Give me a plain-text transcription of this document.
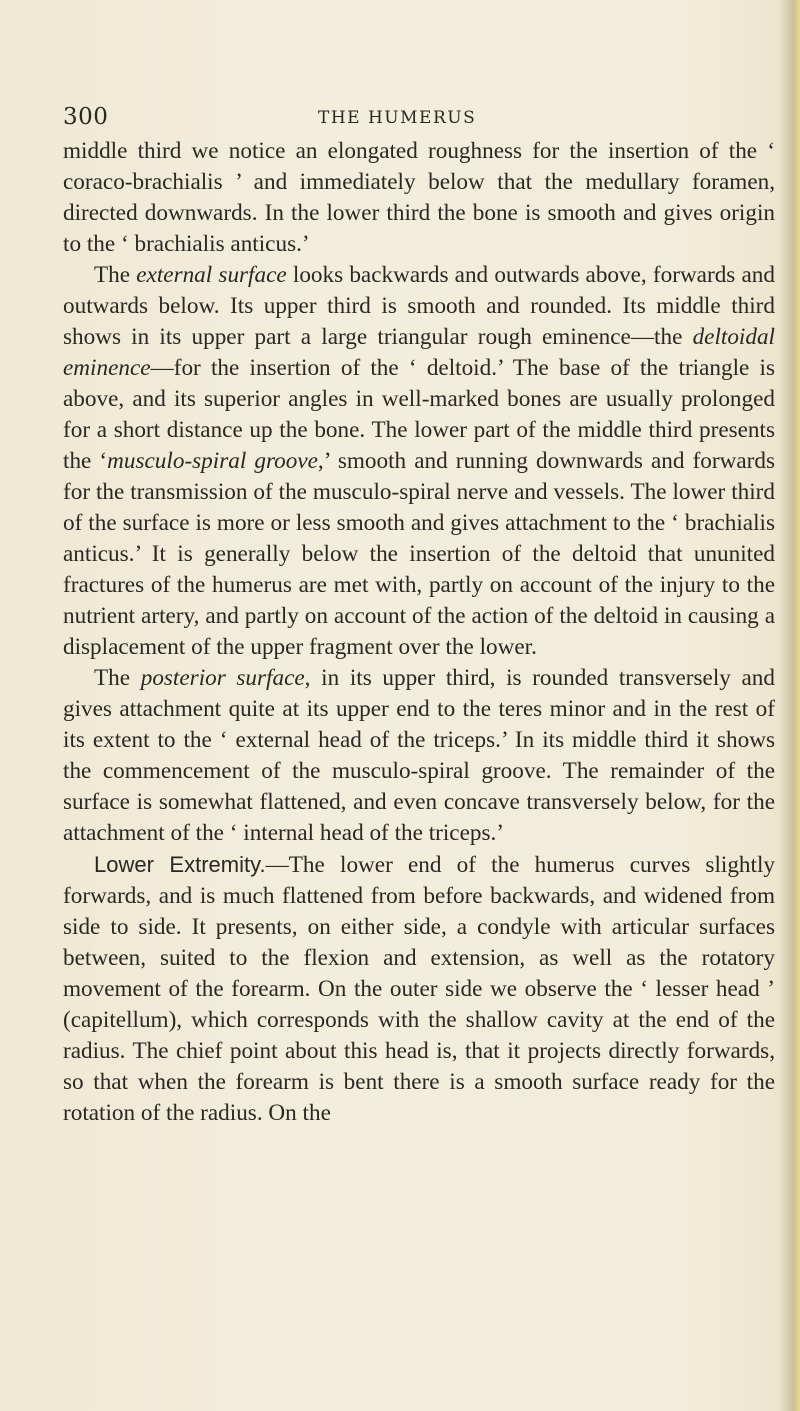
300	THE HUMERUS

middle third we notice an elongated roughness for the insertion of the ‘ coraco-brachialis ’ and immediately below that the medullary foramen, directed downwards. In the lower third the bone is smooth and gives origin to the ‘ brachialis anticus.’

The external surface looks backwards and outwards above, forwards and outwards below. Its upper third is smooth and rounded. Its middle third shows in its upper part a large triangular rough eminence—the deltoidal eminence—for the insertion of the ‘ deltoid.’ The base of the triangle is above, and its superior angles in well-marked bones are usually prolonged for a short distance up the bone. The lower part of the middle third presents the ‘musculo-spiral groove,’ smooth and running downwards and forwards for the transmission of the musculo-spiral nerve and vessels. The lower third of the surface is more or less smooth and gives attachment to the ‘ brachialis anticus.’ It is generally below the insertion of the deltoid that ununited fractures of the humerus are met with, partly on account of the injury to the nutrient artery, and partly on account of the action of the deltoid in causing a displacement of the upper fragment over the lower.

The posterior surface, in its upper third, is rounded transversely and gives attachment quite at its upper end to the teres minor and in the rest of its extent to the ‘ external head of the triceps.’ In its middle third it shows the commencement of the musculo-spiral groove. The remainder of the surface is somewhat flattened, and even concave transversely below, for the attachment of the ‘ internal head of the triceps.’

Lower Extremity.—The lower end of the humerus curves slightly forwards, and is much flattened from before backwards, and widened from side to side. It presents, on either side, a condyle with articular surfaces between, suited to the flexion and extension, as well as the rotatory movement of the forearm. On the outer side we observe the ‘ lesser head ’ (capitellum), which corresponds with the shallow cavity at the end of the radius. The chief point about this head is, that it projects directly forwards, so that when the forearm is bent there is a smooth surface ready for the rotation of the radius. On the
